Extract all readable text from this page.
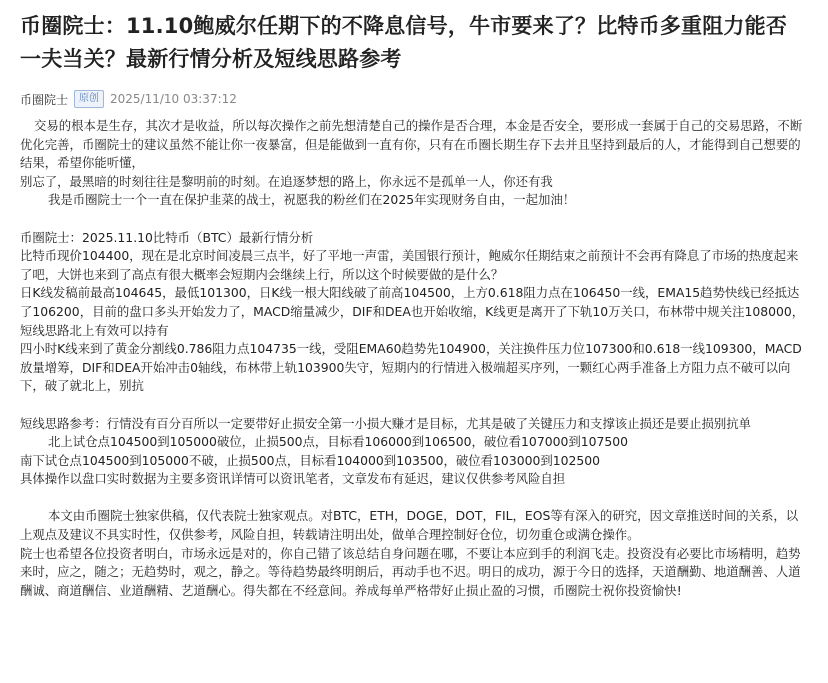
币圈院士：11.10鲍威尔任期下的不降息信号，牛市要来了？比特币多重阻力能否一夫当关？最新行情分析及短线思路参考
币圈院士	原创 2025/11/10 03:37:12

交易的根本是生存，其次才是收益，所以每次操作之前先想清楚自己的操作是否合理，本金是否安全，要形成一套属于自己的交易思路，不断优化完善，币圈院士的建议虽然不能让你一夜暴富，但是能做到一直有你，只有在币圈长期生存下去并且坚持到最后的人，才能得到自己想要的结果，希望你能听懂，

别忘了，最黑暗的时刻往往是黎明前的时刻。在追逐梦想的路上，你永远不是孤单一人，你还有我

我是币圈院士一个一直在保护韭菜的战士，祝愿我的粉丝们在2025年实现财务自由，一起加油！

币圈院士：2025.11.10比特币（BTC）最新行情分析

比特币现价104400，现在是北京时间凌晨三点半，好了平地一声雷，美国银行预计，鲍威尔任期结束之前预计不会再有降息了市场的热度起来了吧，大饼也来到了高点有很大概率会短期内会继续上行，所以这个时候要做的是什么？

日K线发稿前最高104645，最低101300，日K线一根大阳线破了前高104500，上方0.618阻力点在106450一线，EMA15趋势快线已经抵达了106200，目前的盘口多头开始发力了，MACD缩量减少，DIF和DEA也开始收缩，K线更是离开了下轨10万关口，布林带中规关注108000，短线思路北上有效可以持有

四小时K线来到了黄金分割线0.786阻力点104735一线，受阻EMA60趋势先104900，关注换件压力位107300和0.618一线109300，MACD放量增筹，DIF和DEA开始冲击0轴线，布林带上轨103900失守，短期内的行情进入极端超买序列，一颗红心两手准备上方阻力点不破可以向下，破了就北上，别抗

短线思路参考：行情没有百分百所以一定要带好止损安全第一小损大赚才是目标，尤其是破了关键压力和支撑该止损还是要止损别抗单

北上试仓点104500到105000破位，止损500点，目标看106000到106500，破位看107000到107500

南下试仓点104500到105000不破，止损500点，目标看104000到103500，破位看103000到102500

具体操作以盘口实时数据为主要多资讯详情可以资讯笔者，文章发布有延迟，建议仅供参考风险自担

本文由币圈院士独家供稿，仅代表院士独家观点。对BTC，ETH，DOGE，DOT，FIL，EOS等有深入的研究，因文章推送时间的关系，以上观点及建议不具实时性，仅供参考，风险自担，转载请注明出处，做单合理控制好仓位，切勿重仓或满仓操作。

院士也希望各位投资者明白，市场永远是对的，你自己错了该总结自身问题在哪，不要让本应到手的利润飞走。投资没有必要比市场精明，趋势来时，应之，随之；无趋势时，观之，静之。等待趋势最终明朗后，再动手也不迟。明日的成功，源于今日的选择，天道酬勤、地道酬善、人道酬诚、商道酬信、业道酬精、艺道酬心。得失都在不经意间。养成每单严格带好止损止盈的习惯，币圈院士祝你投资愉快!
